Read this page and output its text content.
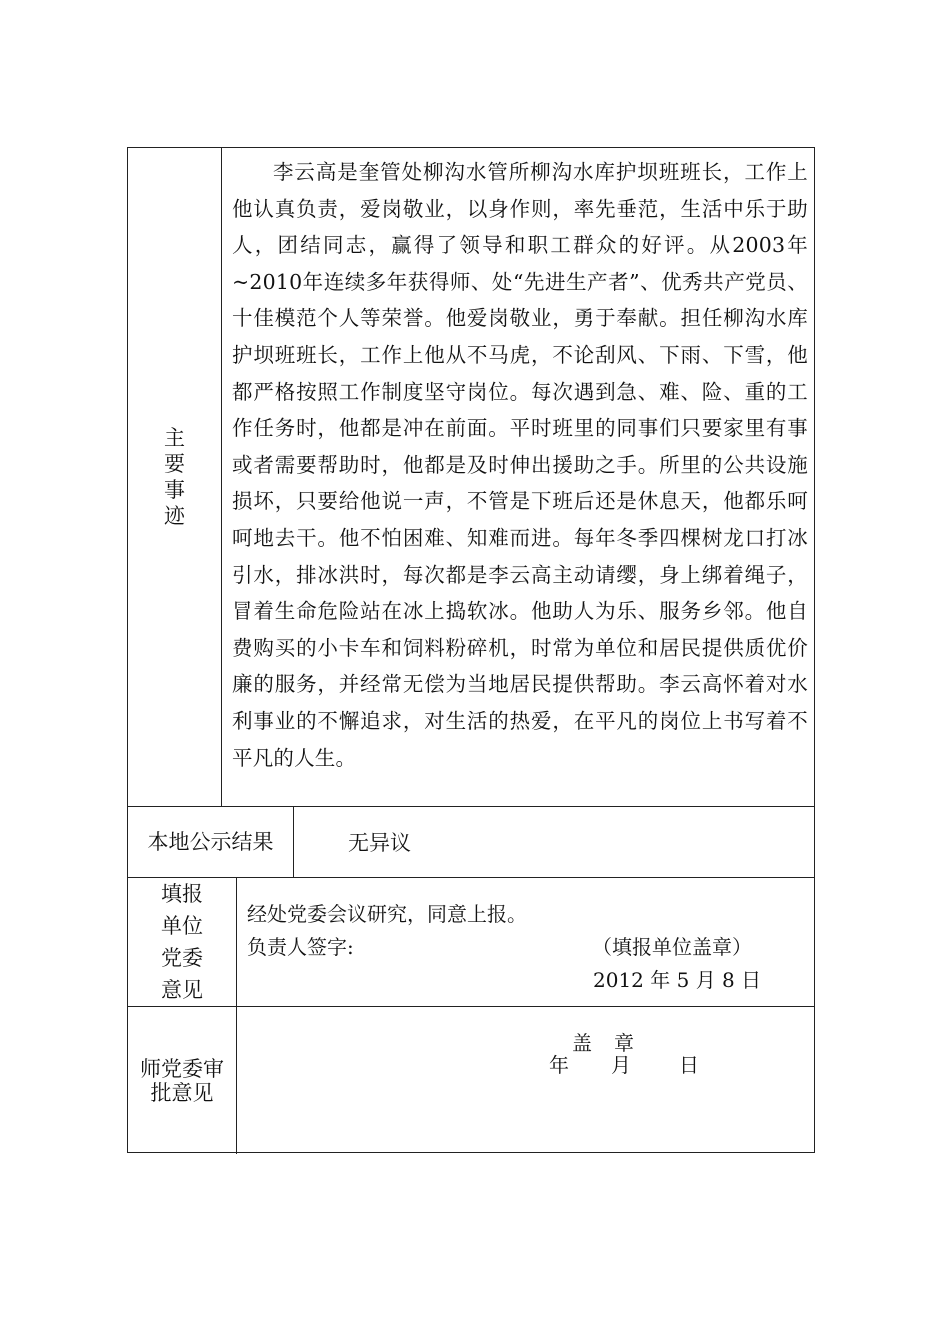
主要事迹

李云高是奎管处柳沟水管所柳沟水库护坝班班长，工作上他认真负责，爱岗敬业，以身作则，率先垂范，生活中乐于助人，团结同志，赢得了领导和职工群众的好评。从2003年~2010年连续多年获得师、处“先进生产者”、优秀共产党员、十佳模范个人等荣誉。他爱岗敬业，勇于奉献。担任柳沟水库护坝班班长，工作上他从不马虎，不论刮风、下雨、下雪，他都严格按照工作制度坚守岗位。每次遇到急、难、险、重的工作任务时，他都是冲在前面。平时班里的同事们只要家里有事或者需要帮助时，他都是及时伸出援助之手。所里的公共设施损坏，只要给他说一声，不管是下班后还是休息天，他都乐呵呵地去干。他不怕困难、知难而进。每年冬季四棵树龙口打冰引水，排冰洪时，每次都是李云高主动请缨，身上绑着绳子，冒着生命危险站在冰上捣软冰。他助人为乐、服务乡邻。他自费购买的小卡车和饲料粉碎机，时常为单位和居民提供质优价廉的服务，并经常无偿为当地居民提供帮助。李云高怀着对水利事业的不懈追求，对生活的热爱，在平凡的岗位上书写着不平凡的人生。

本地公示结果	无异议
填报单位党委意见
经处党委会议研究，同意上报。
负责人签字:	（填报单位盖章）
2012 年 5 月 8 日
师党委审批意见
盖　章
年 月 日
